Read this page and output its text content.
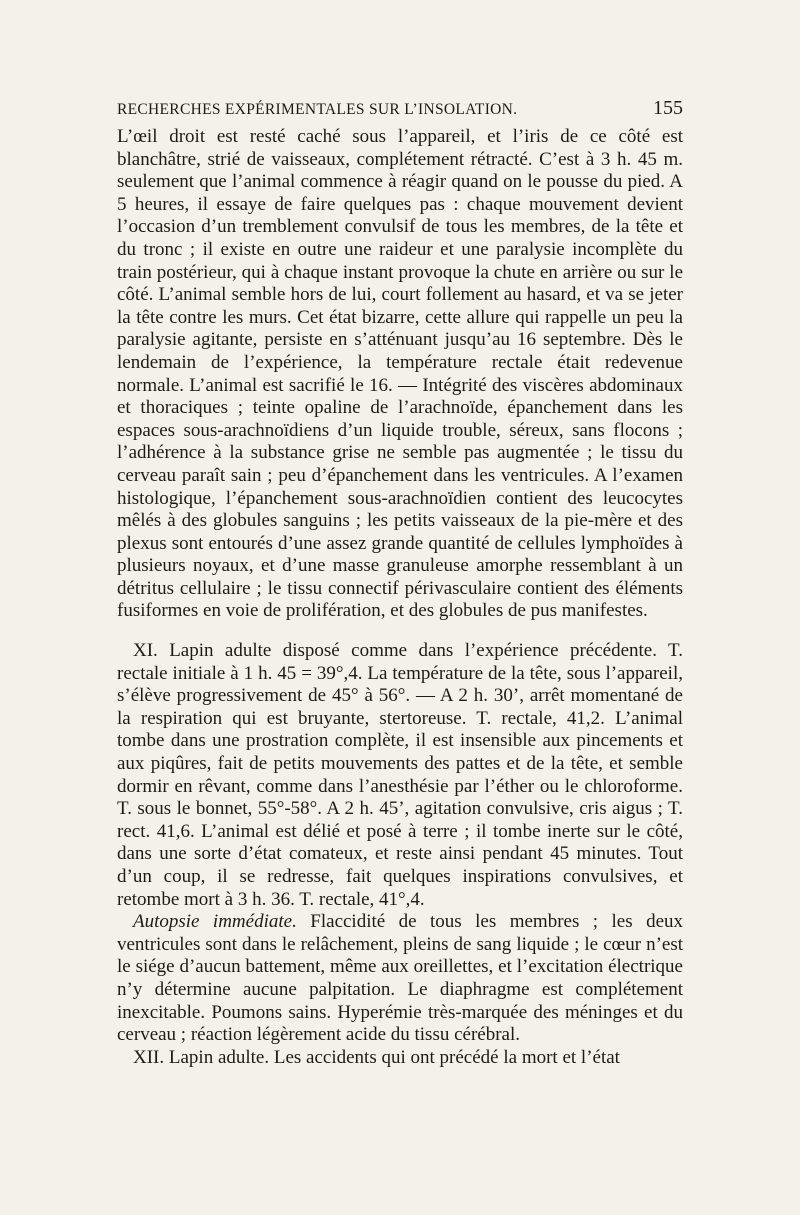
RECHERCHES EXPÉRIMENTALES SUR L’INSOLATION.	155

L’œil droit est resté caché sous l’appareil, et l’iris de ce côté est blanchâtre, strié de vaisseaux, complétement rétracté. C’est à 3 h. 45 m. seulement que l’animal commence à réagir quand on le pousse du pied. A 5 heures, il essaye de faire quelques pas : chaque mouvement devient l’occasion d’un tremblement convulsif de tous les membres, de la tête et du tronc ; il existe en outre une raideur et une paralysie incomplète du train postérieur, qui à chaque instant provoque la chute en arrière ou sur le côté. L’animal semble hors de lui, court follement au hasard, et va se jeter la tête contre les murs. Cet état bizarre, cette allure qui rappelle un peu la paralysie agitante, persiste en s’atténuant jusqu’au 16 septembre. Dès le lendemain de l’expérience, la température rectale était redevenue normale. L’animal est sacrifié le 16. — Intégrité des viscères abdominaux et thoraciques ; teinte opaline de l’arachnoïde, épanchement dans les espaces sous-arachnoïdiens d’un liquide trouble, séreux, sans flocons ; l’adhérence à la substance grise ne semble pas augmentée ; le tissu du cerveau paraît sain ; peu d’épanchement dans les ventricules. A l’examen histologique, l’épanchement sous-arachnoïdien contient des leucocytes mêlés à des globules sanguins ; les petits vaisseaux de la pie-mère et des plexus sont entourés d’une assez grande quantité de cellules lymphoïdes à plusieurs noyaux, et d’une masse granuleuse amorphe ressemblant à un détritus cellulaire ; le tissu connectif périvasculaire contient des éléments fusiformes en voie de prolifération, et des globules de pus manifestes.

XI. Lapin adulte disposé comme dans l’expérience précédente. T. rectale initiale à 1 h. 45 = 39°,4. La température de la tête, sous l’appareil, s’élève progressivement de 45° à 56°. — A 2 h. 30’, arrêt momentané de la respiration qui est bruyante, stertoreuse. T. rectale, 41,2. L’animal tombe dans une prostration complète, il est insensible aux pincements et aux piqûres, fait de petits mouvements des pattes et de la tête, et semble dormir en rêvant, comme dans l’anesthésie par l’éther ou le chloroforme. T. sous le bonnet, 55°-58°. A 2 h. 45’, agitation convulsive, cris aigus ; T. rect. 41,6. L’animal est délié et posé à terre ; il tombe inerte sur le côté, dans une sorte d’état comateux, et reste ainsi pendant 45 minutes. Tout d’un coup, il se redresse, fait quelques inspirations convulsives, et retombe mort à 3 h. 36. T. rectale, 41°,4.

Autopsie immédiate. Flaccidité de tous les membres ; les deux ventricules sont dans le relâchement, pleins de sang liquide ; le cœur n’est le siége d’aucun battement, même aux oreillettes, et l’excitation électrique n’y détermine aucune palpitation. Le diaphragme est complétement inexcitable. Poumons sains. Hyperémie très-marquée des méninges et du cerveau ; réaction légèrement acide du tissu cérébral.

XII. Lapin adulte. Les accidents qui ont précédé la mort et l’état
